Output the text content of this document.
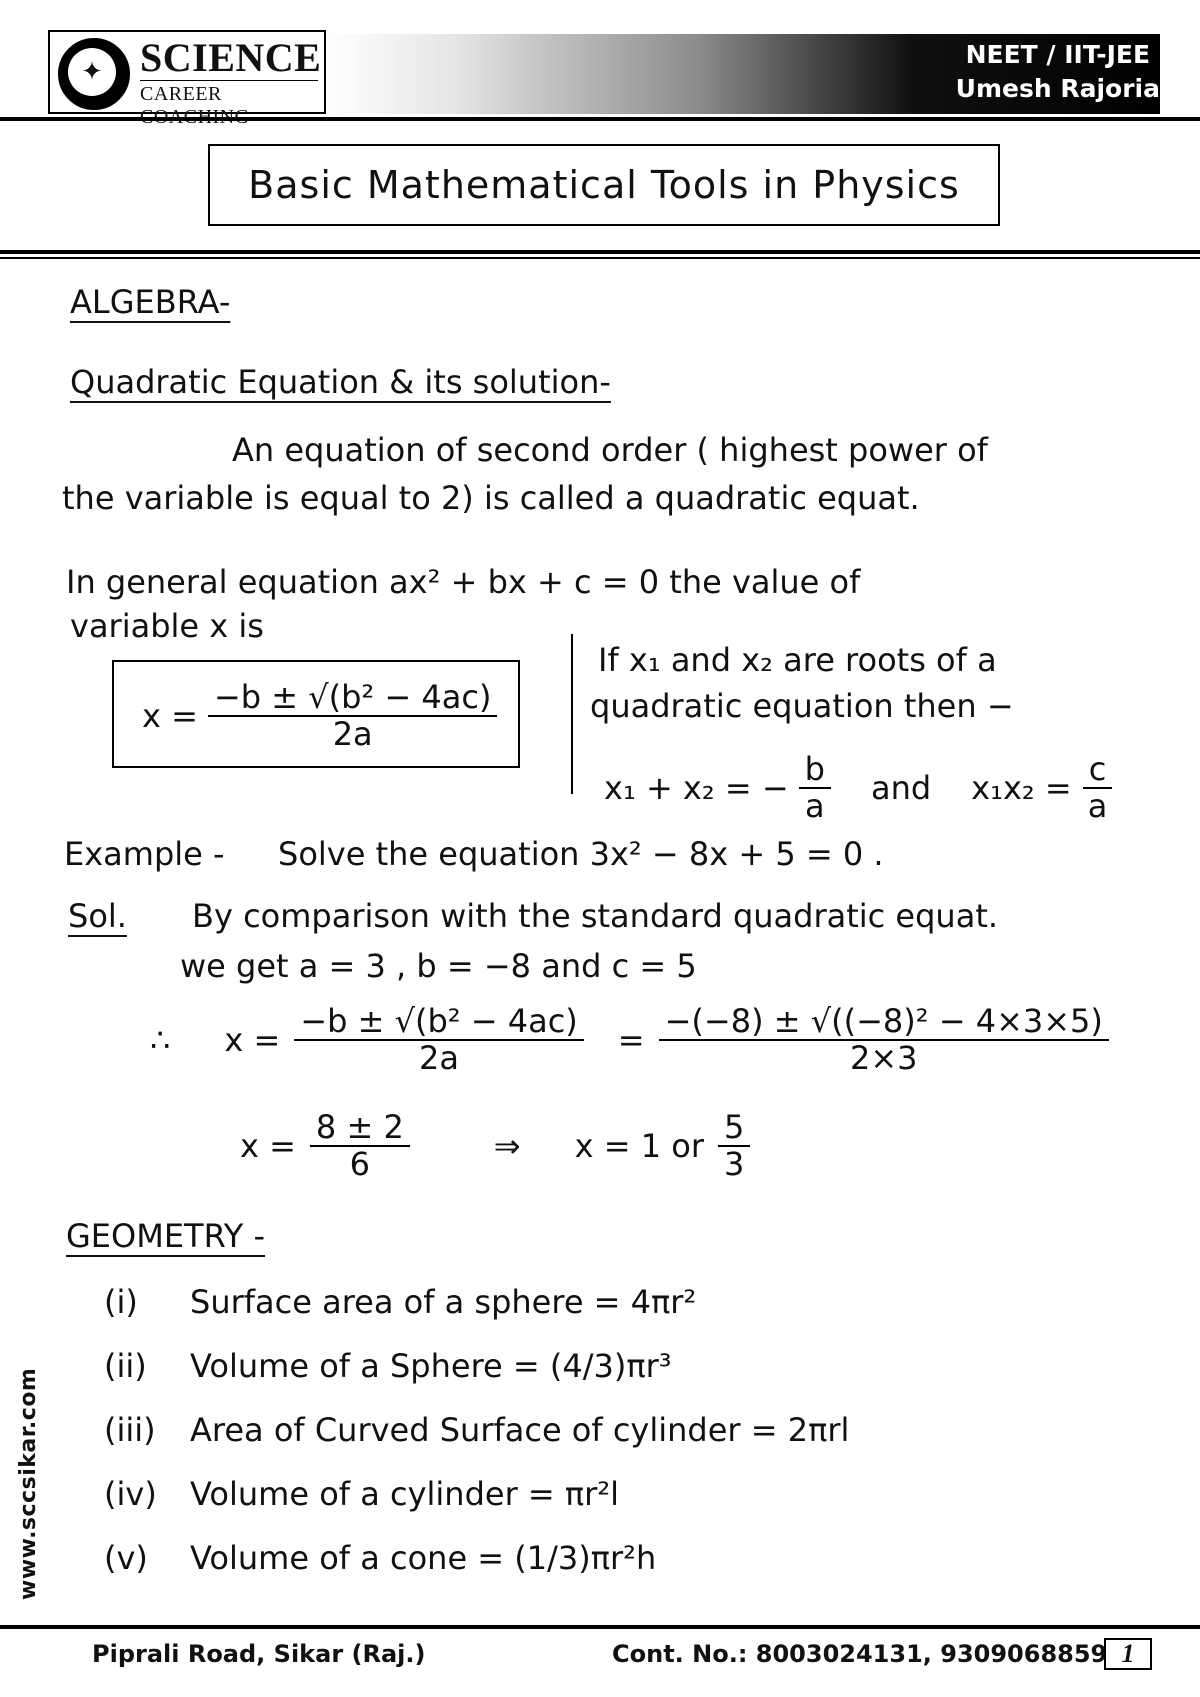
✦ SCIENCE
CAREER
NEET / IIT-JEE
Umesh Rajoria
Basic Mathematical Tools in Physics
ALGEBRA-
Quadratic Equation & its solution-
An equation of second order ( highest power of
the variable is equal to 2) is called a quadratic equat.
In general equation ax² + bx + c = 0 the value of
variable x is
$x = \frac{\text{−b ± √(b² − 4ac)}}{2a}$
If x₁ and x₂ are roots of a
quadratic equation then −
x₁ + x₂ = − $\frac{b}{a}$ and $x_1x_2 = \frac{c}{a}$
Example - Solve the equation 3x² − 8x + 5 = 0 .
Sol. By comparison with the standard quadratic equat.
we get a = 3 , b = −8 and c = 5
∴ $x = \frac{\text{−b ± √(b² − 4ac)}}{2a} = \frac{\text{−(−8) ± √((−8)² − 4×3×5)}}{2\times 3}$
$x = \frac{8 \pm 2}{6}$	⇒ x = 1 or $\frac{5}{3}$
GEOMETRY -
(i)	Surface area of a sphere = 4πr²
(ii) Volume of a Sphere = (4/3)πr³
(iii) Area of Curved Surface of cylinder = 2πrl
(iv) Volume of a cylinder = πr²l
(v) Volume of a cone = (1/3)πr²h
www.sccsikar.com
Piprali Road, Sikar (Raj.)	Cont. No.: 8003024131, 9309068859 1
